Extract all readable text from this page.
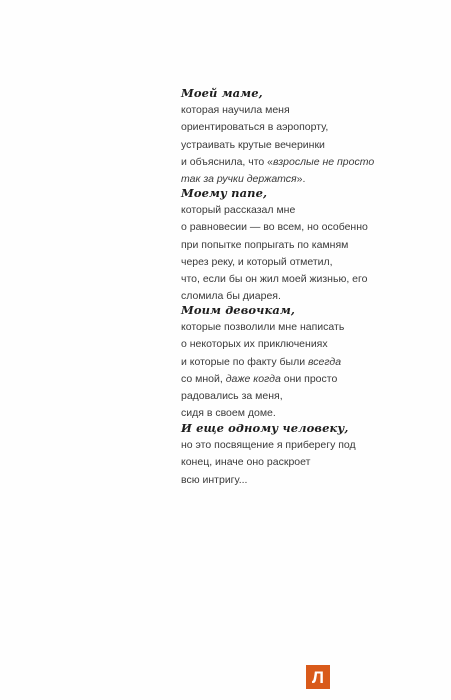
Моей маме,

которая научила меня

ориентироваться в аэропорту,

устраивать крутые вечеринки

и объяснила, что «взрослые не просто

так за ручки держатся».

Моему папе,

который рассказал мне

о равновесии — во всем, но особенно

при попытке попрыгать по камням

через реку, и который отметил,

что, если бы он жил моей жизнью, его

сломила бы диарея.

Моим девочкам,

которые позволили мне написать

о некоторых их приключениях

и которые по факту были всегда

со мной, даже когда они просто

радовались за меня,

сидя в своем доме.

И еще одному человеку,

но это посвящение я приберегу под

конец, иначе оно раскроет

всю интригу...

Л
